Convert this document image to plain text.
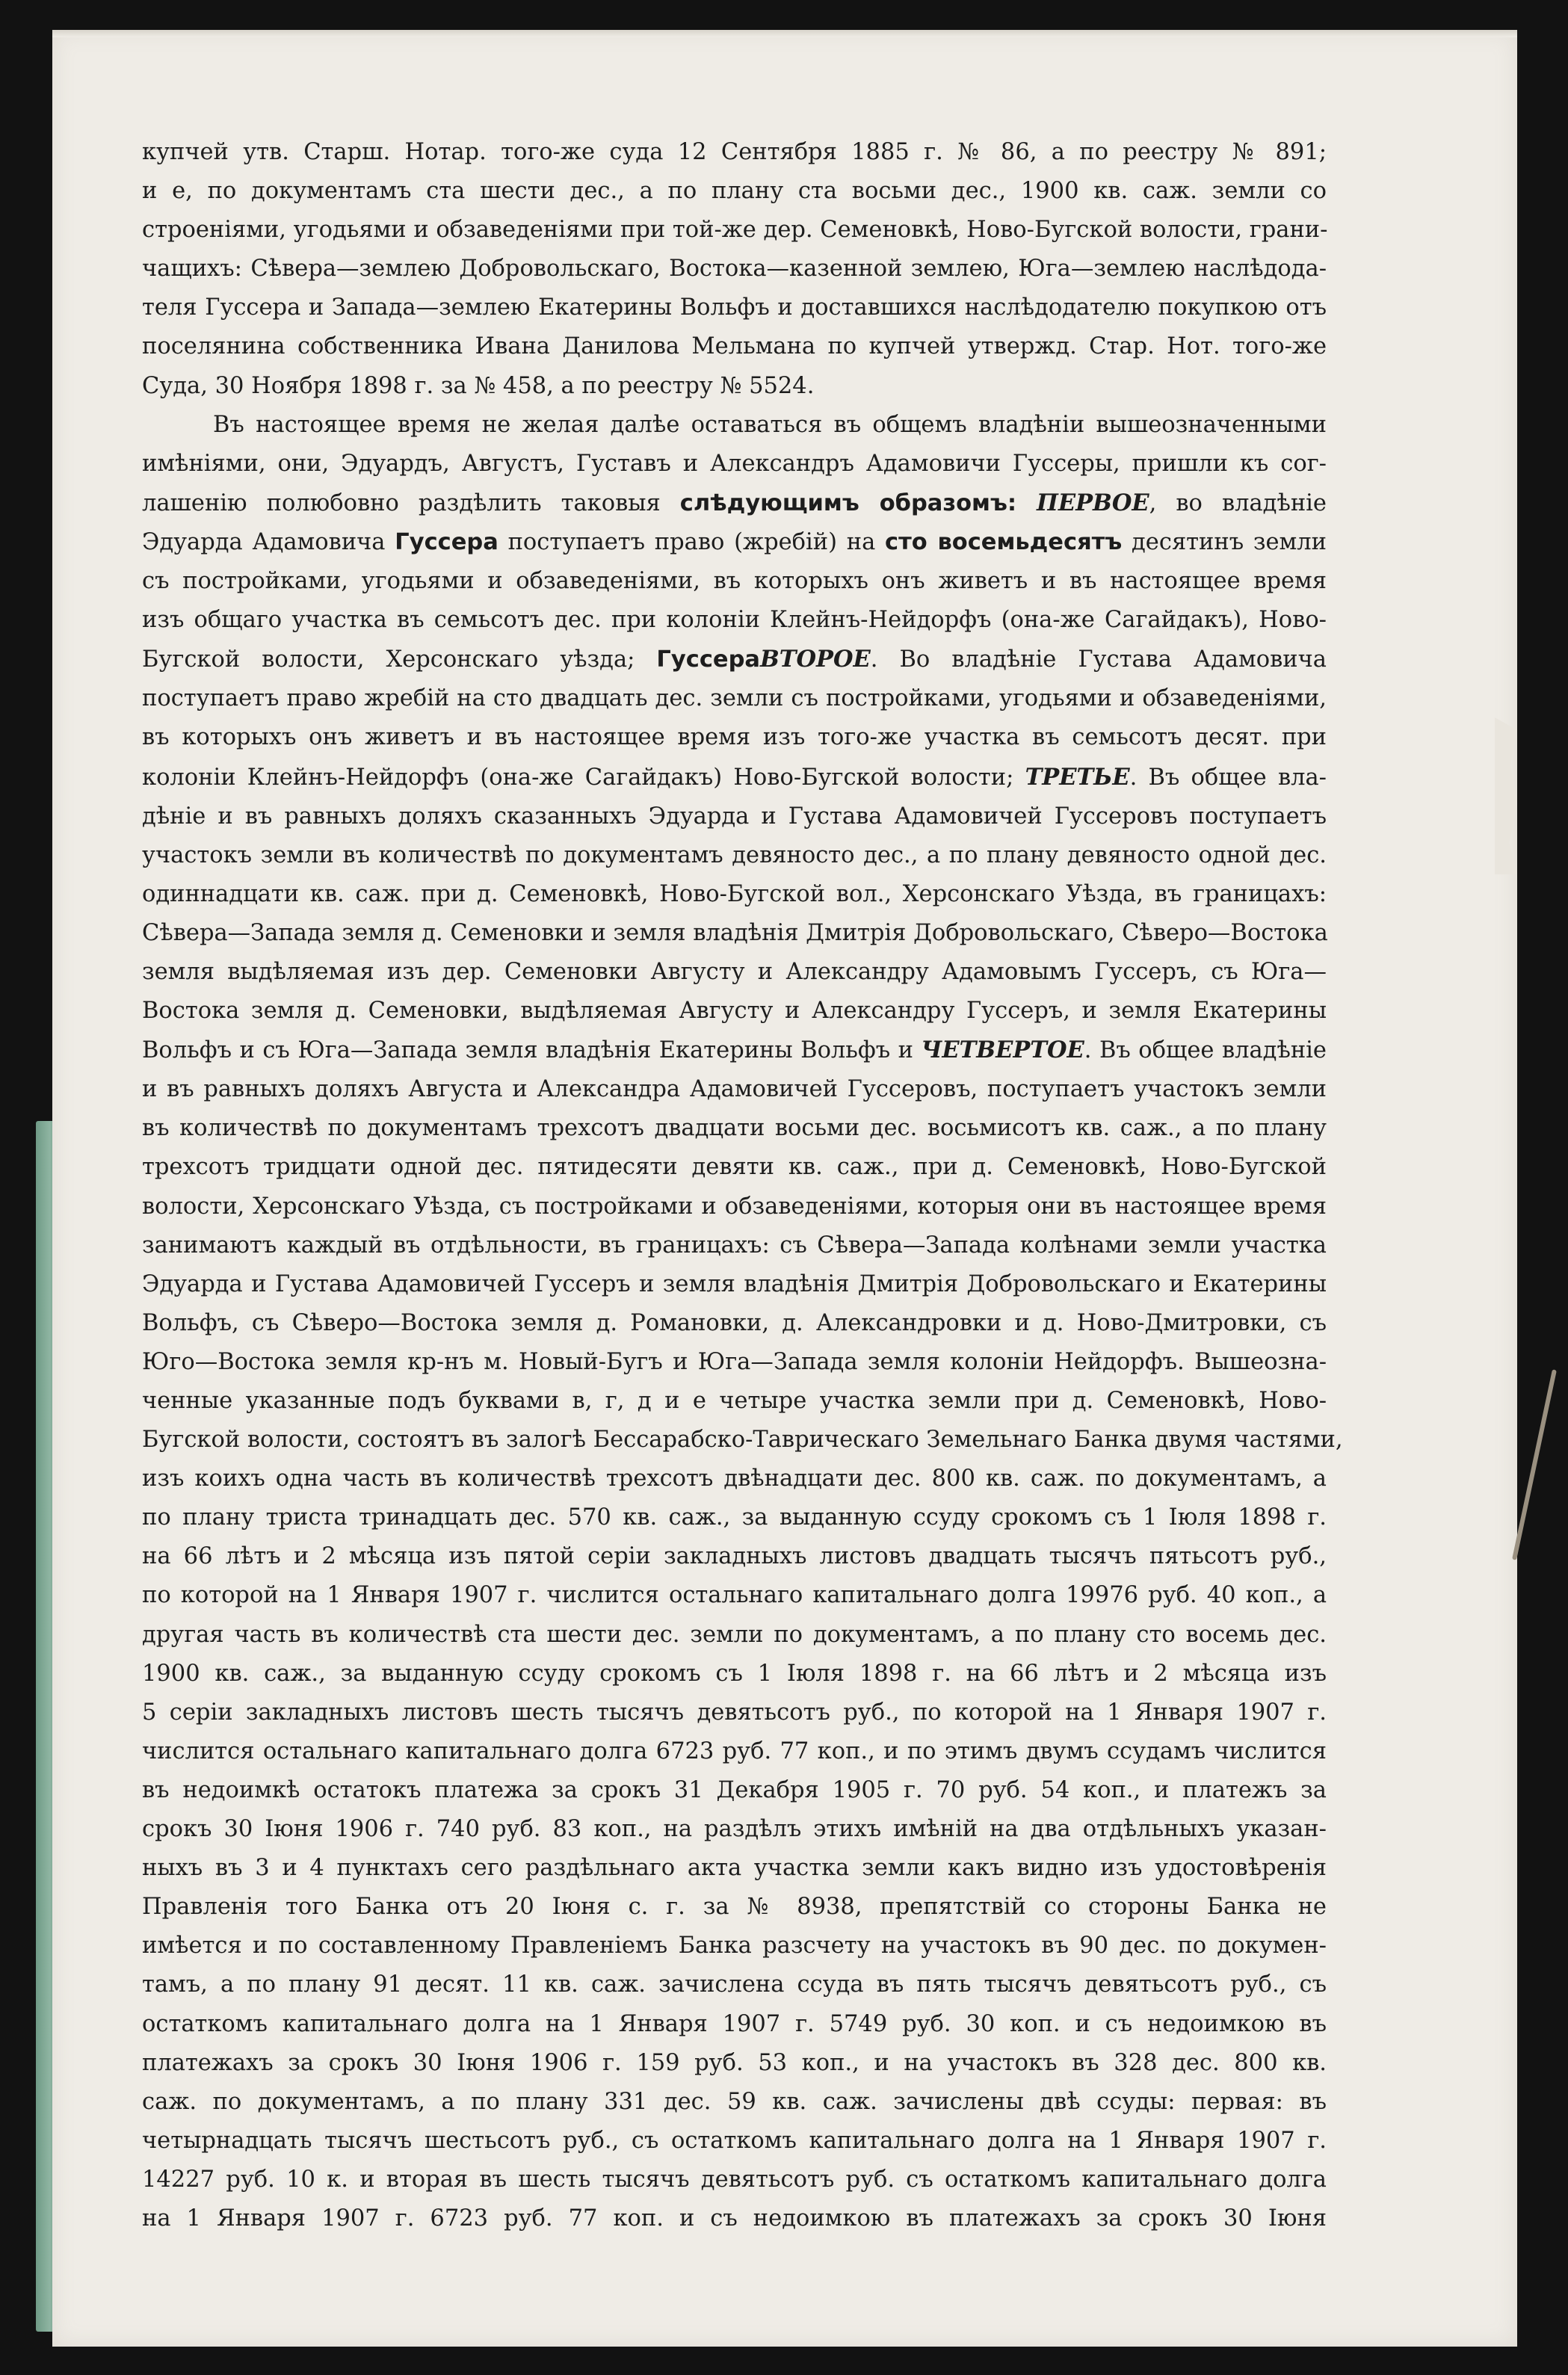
купчей утв. Старш. Нотар. того-же суда 12 Сентября 1885 г. № 86, а по реестру № 891;
и е, по документамъ ста шести дес., а по плану ста восьми дес., 1900 кв. саж. земли со
строеніями, угодьями и обзаведеніями при той-же дер. Семеновкѣ, Ново-Бугской волости, грани-
чащихъ: Сѣвера—землею Добровольскаго, Востока—казенной землею, Юга—землею наслѣдода-
теля Гуссера и Запада—землею Екатерины Вольфъ и доставшихся наслѣдодателю покупкою отъ
поселянина собственника Ивана Данилова Мельмана по купчей утвержд. Стар. Нот. того-же
Суда, 30 Ноября 1898 г. за № 458, а по реестру № 5524.
Въ настоящее время не желая далѣе оставаться въ общемъ владѣніи вышеозначенными
имѣніями, они, Эдуардъ, Августъ, Густавъ и Александръ Адамовичи Гуссеры, пришли къ сог-
лашенію полюбовно раздѣлить таковыя слѣдующимъ образомъ: ПЕРВОЕ, во владѣніе
Эдуарда Адамовича Гуссера поступаетъ право (жребій) на сто восемьдесятъ десятинъ земли
съ постройками, угодьями и обзаведеніями, въ которыхъ онъ живетъ и въ настоящее время
изъ общаго участка въ семьсотъ дес. при колоніи Клейнъ-Нейдорфъ (она-же Сагайдакъ), Ново-
Бугской волости, Херсонскаго уѣзда; ГуссераВТОРОЕ. Во владѣніе Густава Адамовича
поступаетъ право жребій на сто двадцать дес. земли съ постройками, угодьями и обзаведеніями,
въ которыхъ онъ живетъ и въ настоящее время изъ того-же участка въ семьсотъ десят. при
колоніи Клейнъ-Нейдорфъ (она-же Сагайдакъ) Ново-Бугской волости; ТРЕТЬЕ. Въ общее вла-
дѣніе и въ равныхъ доляхъ сказанныхъ Эдуарда и Густава Адамовичей Гуссеровъ поступаетъ
участокъ земли въ количествѣ по документамъ девяносто дес., а по плану девяносто одной дес.
одиннадцати кв. саж. при д. Семеновкѣ, Ново-Бугской вол., Херсонскаго Уѣзда, въ границахъ:
Сѣвера—Запада земля д. Семеновки и земля владѣнія Дмитрія Добровольскаго, Сѣверо—Востока
земля выдѣляемая изъ дер. Семеновки Августу и Александру Адамовымъ Гуссеръ, съ Юга—
Востока земля д. Семеновки, выдѣляемая Августу и Александру Гуссеръ, и земля Екатерины
Вольфъ и съ Юга—Запада земля владѣнія Екатерины Вольфъ и ЧЕТВЕРТОЕ. Въ общее владѣніе
и въ равныхъ доляхъ Августа и Александра Адамовичей Гуссеровъ, поступаетъ участокъ земли
въ количествѣ по документамъ трехсотъ двадцати восьми дес. восьмисотъ кв. саж., а по плану
трехсотъ тридцати одной дес. пятидесяти девяти кв. саж., при д. Семеновкѣ, Ново-Бугской
волости, Херсонскаго Уѣзда, съ постройками и обзаведеніями, которыя они въ настоящее время
занимаютъ каждый въ отдѣльности, въ границахъ: съ Сѣвера—Запада колѣнами земли участка
Эдуарда и Густава Адамовичей Гуссеръ и земля владѣнія Дмитрія Добровольскаго и Екатерины
Вольфъ, съ Сѣверо—Востока земля д. Романовки, д. Александровки и д. Ново-Дмитровки, съ
Юго—Востока земля кр-нъ м. Новый-Бугъ и Юга—Запада земля колоніи Нейдорфъ. Вышеозна-
ченные указанные подъ буквами в, г, д и е четыре участка земли при д. Семеновкѣ, Ново-
Бугской волости, состоятъ въ залогѣ Бессарабско-Таврическаго Земельнаго Банка двумя частями,
изъ коихъ одна часть въ количествѣ трехсотъ двѣнадцати дес. 800 кв. саж. по документамъ, а
по плану триста тринадцать дес. 570 кв. саж., за выданную ссуду срокомъ съ 1 Іюля 1898 г.
на 66 лѣтъ и 2 мѣсяца изъ пятой серіи закладныхъ листовъ двадцать тысячъ пятьсотъ руб.,
по которой на 1 Января 1907 г. числится остальнаго капитальнаго долга 19976 руб. 40 коп., а
другая часть въ количествѣ ста шести дес. земли по документамъ, а по плану сто восемь дес.
1900 кв. саж., за выданную ссуду срокомъ съ 1 Іюля 1898 г. на 66 лѣтъ и 2 мѣсяца изъ
5 серіи закладныхъ листовъ шесть тысячъ девятьсотъ руб., по которой на 1 Января 1907 г.
числится остальнаго капитальнаго долга 6723 руб. 77 коп., и по этимъ двумъ ссудамъ числится
въ недоимкѣ остатокъ платежа за срокъ 31 Декабря 1905 г. 70 руб. 54 коп., и платежъ за
срокъ 30 Іюня 1906 г. 740 руб. 83 коп., на раздѣлъ этихъ имѣній на два отдѣльныхъ указан-
ныхъ въ 3 и 4 пунктахъ сего раздѣльнаго акта участка земли какъ видно изъ удостовѣренія
Правленія того Банка отъ 20 Іюня с. г. за № 8938, препятствій со стороны Банка не
имѣется и по составленному Правленіемъ Банка разсчету на участокъ въ 90 дес. по докумен-
тамъ, а по плану 91 десят. 11 кв. саж. зачислена ссуда въ пять тысячъ девятьсотъ руб., съ
остаткомъ капитальнаго долга на 1 Января 1907 г. 5749 руб. 30 коп. и съ недоимкою въ
платежахъ за срокъ 30 Іюня 1906 г. 159 руб. 53 коп., и на участокъ въ 328 дес. 800 кв.
саж. по документамъ, а по плану 331 дес. 59 кв. саж. зачислены двѣ ссуды: первая: въ
четырнадцать тысячъ шестьсотъ руб., съ остаткомъ капитальнаго долга на 1 Января 1907 г.
14227 руб. 10 к. и вторая въ шесть тысячъ девятьсотъ руб. съ остаткомъ капитальнаго долга
на 1 Января 1907 г. 6723 руб. 77 коп. и съ недоимкою въ платежахъ за срокъ 30 Іюня
